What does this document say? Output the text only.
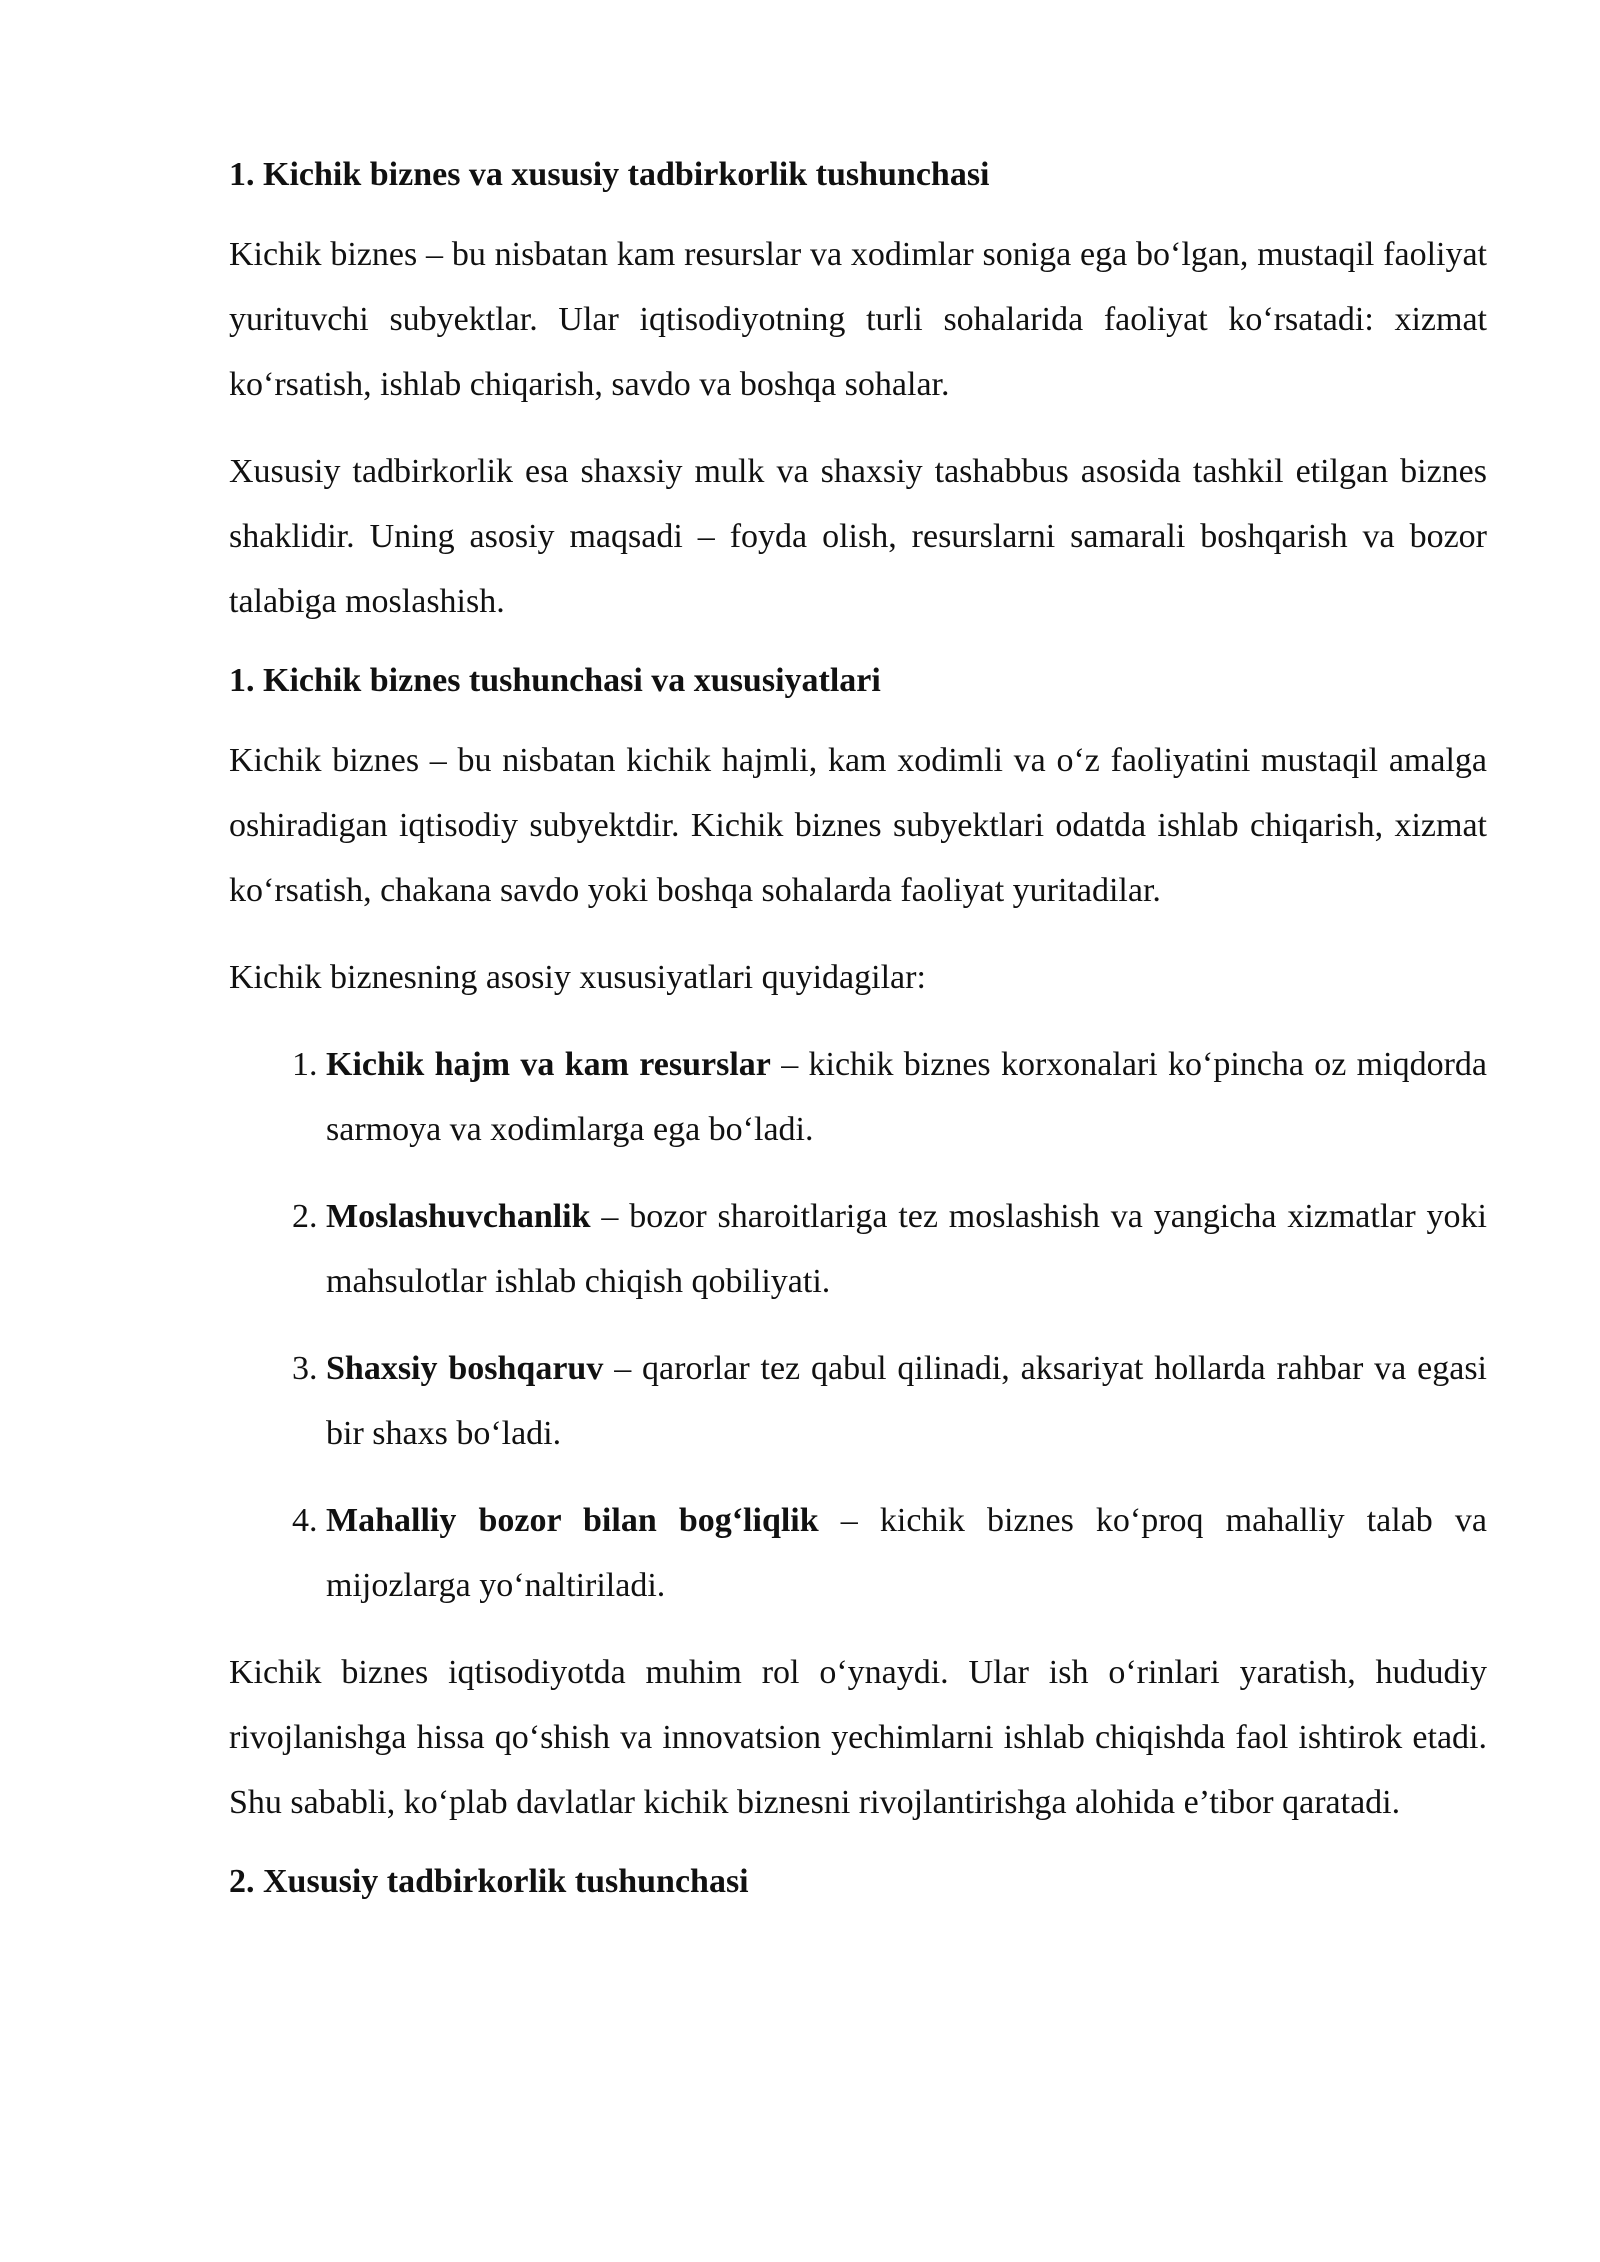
1. Kichik biznes va xususiy tadbirkorlik tushunchasi

Kichik biznes – bu nisbatan kam resurslar va xodimlar soniga ega bo‘lgan, mustaqil faoliyat yurituvchi subyektlar. Ular iqtisodiyotning turli sohalarida faoliyat ko‘rsatadi: xizmat ko‘rsatish, ishlab chiqarish, savdo va boshqa sohalar.

Xususiy tadbirkorlik esa shaxsiy mulk va shaxsiy tashabbus asosida tashkil etilgan biznes shaklidir. Uning asosiy maqsadi – foyda olish, resurslarni samarali boshqarish va bozor talabiga moslashish.

1. Kichik biznes tushunchasi va xususiyatlari

Kichik biznes – bu nisbatan kichik hajmli, kam xodimli va o‘z faoliyatini mustaqil amalga oshiradigan iqtisodiy subyektdir. Kichik biznes subyektlari odatda ishlab chiqarish, xizmat ko‘rsatish, chakana savdo yoki boshqa sohalarda faoliyat yuritadilar.

Kichik biznesning asosiy xususiyatlari quyidagilar:

1. Kichik hajm va kam resurslar – kichik biznes korxonalari ko‘pincha oz miqdorda sarmoya va xodimlarga ega bo‘ladi.
2. Moslashuvchanlik – bozor sharoitlariga tez moslashish va yangicha xizmatlar yoki mahsulotlar ishlab chiqish qobiliyati.
3. Shaxsiy boshqaruv – qarorlar tez qabul qilinadi, aksariyat hollarda rahbar va egasi bir shaxs bo‘ladi.
4. Mahalliy bozor bilan bog‘liqlik – kichik biznes ko‘proq mahalliy talab va mijozlarga yo‘naltiriladi.

Kichik biznes iqtisodiyotda muhim rol o‘ynaydi. Ular ish o‘rinlari yaratish, hududiy rivojlanishga hissa qo‘shish va innovatsion yechimlarni ishlab chiqishda faol ishtirok etadi. Shu sababli, ko‘plab davlatlar kichik biznesni rivojlantirishga alohida e’tibor qaratadi.

2. Xususiy tadbirkorlik tushunchasi
